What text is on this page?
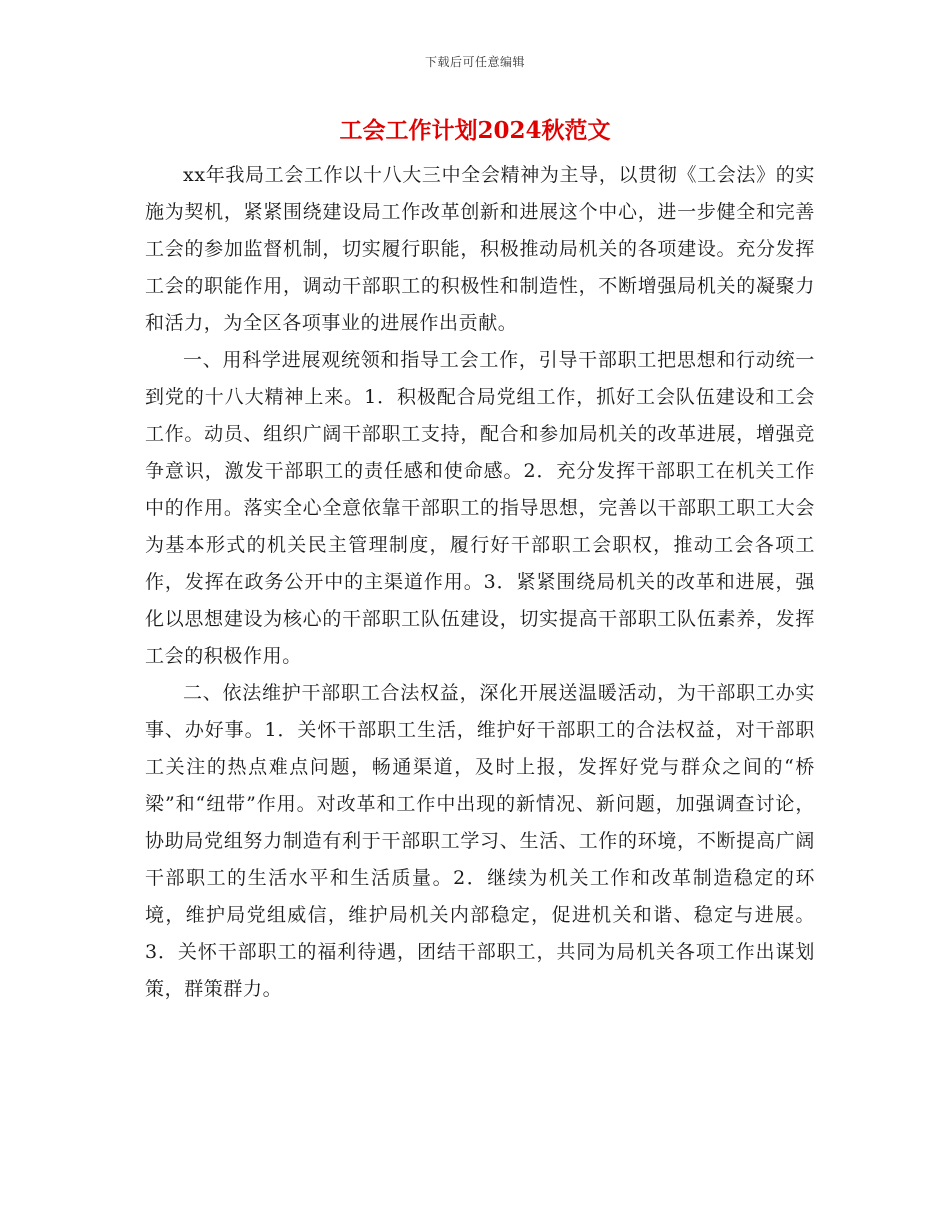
下载后可任意编辑
工会工作计划2024秋范文

xx年我局工会工作以十八大三中全会精神为主导，以贯彻《工会法》的实施为契机，紧紧围绕建设局工作改革创新和进展这个中心，进一步健全和完善工会的参加监督机制，切实履行职能，积极推动局机关的各项建设。充分发挥工会的职能作用，调动干部职工的积极性和制造性，不断增强局机关的凝聚力和活力，为全区各项事业的进展作出贡献。

一、用科学进展观统领和指导工会工作，引导干部职工把思想和行动统一到党的十八大精神上来。1．积极配合局党组工作，抓好工会队伍建设和工会工作。动员、组织广阔干部职工支持，配合和参加局机关的改革进展，增强竞争意识，激发干部职工的责任感和使命感。2．充分发挥干部职工在机关工作中的作用。落实全心全意依靠干部职工的指导思想，完善以干部职工职工大会为基本形式的机关民主管理制度，履行好干部职工会职权，推动工会各项工作，发挥在政务公开中的主渠道作用。3．紧紧围绕局机关的改革和进展，强化以思想建设为核心的干部职工队伍建设，切实提高干部职工队伍素养，发挥工会的积极作用。

二、依法维护干部职工合法权益，深化开展送温暖活动，为干部职工办实事、办好事。1．关怀干部职工生活，维护好干部职工的合法权益，对干部职工关注的热点难点问题，畅通渠道，及时上报，发挥好党与群众之间的“桥梁”和“纽带”作用。对改革和工作中出现的新情况、新问题，加强调查讨论，协助局党组努力制造有利于干部职工学习、生活、工作的环境，不断提高广阔干部职工的生活水平和生活质量。2．继续为机关工作和改革制造稳定的环境，维护局党组威信，维护局机关内部稳定，促进机关和谐、稳定与进展。3．关怀干部职工的福利待遇，团结干部职工，共同为局机关各项工作出谋划策，群策群力。
